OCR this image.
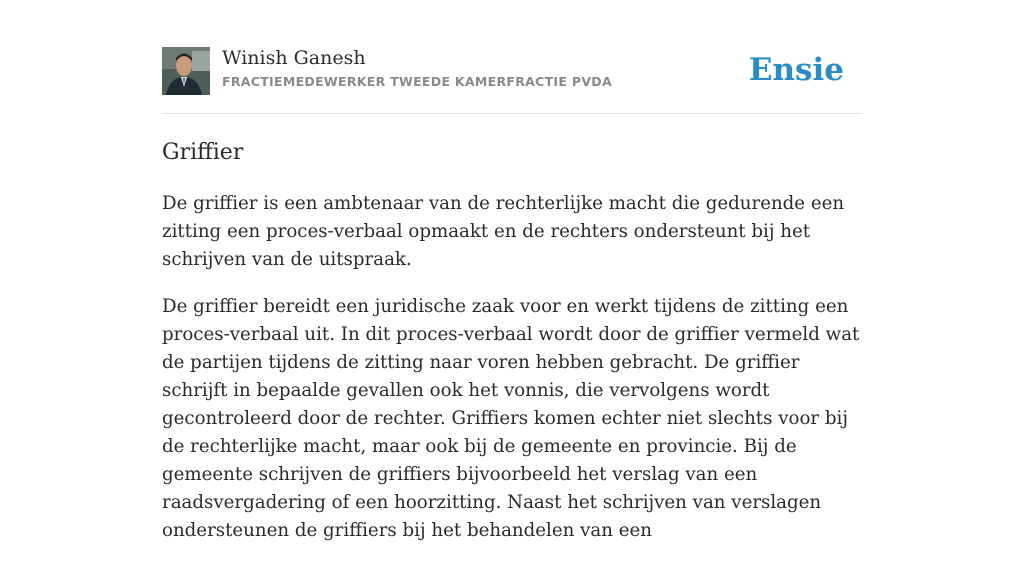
Winish Ganesh
FRACTIEMEDEWERKER TWEEDE KAMERFRACTIE PVDA	Ensie
Griffier

De griffier is een ambtenaar van de rechterlijke macht die gedurende een zitting een proces-verbaal opmaakt en de rechters ondersteunt bij het schrijven van de uitspraak.

De griffier bereidt een juridische zaak voor en werkt tijdens de zitting een proces-verbaal uit. In dit proces-verbaal wordt door de griffier vermeld wat de partijen tijdens de zitting naar voren hebben gebracht. De griffier schrijft in bepaalde gevallen ook het vonnis, die vervolgens wordt gecontroleerd door de rechter. Griffiers komen echter niet slechts voor bij de rechterlijke macht, maar ook bij de gemeente en provincie. Bij de gemeente schrijven de griffiers bijvoorbeeld het verslag van een raadsvergadering of een hoorzitting. Naast het schrijven van verslagen ondersteunen de griffiers bij het behandelen van een
